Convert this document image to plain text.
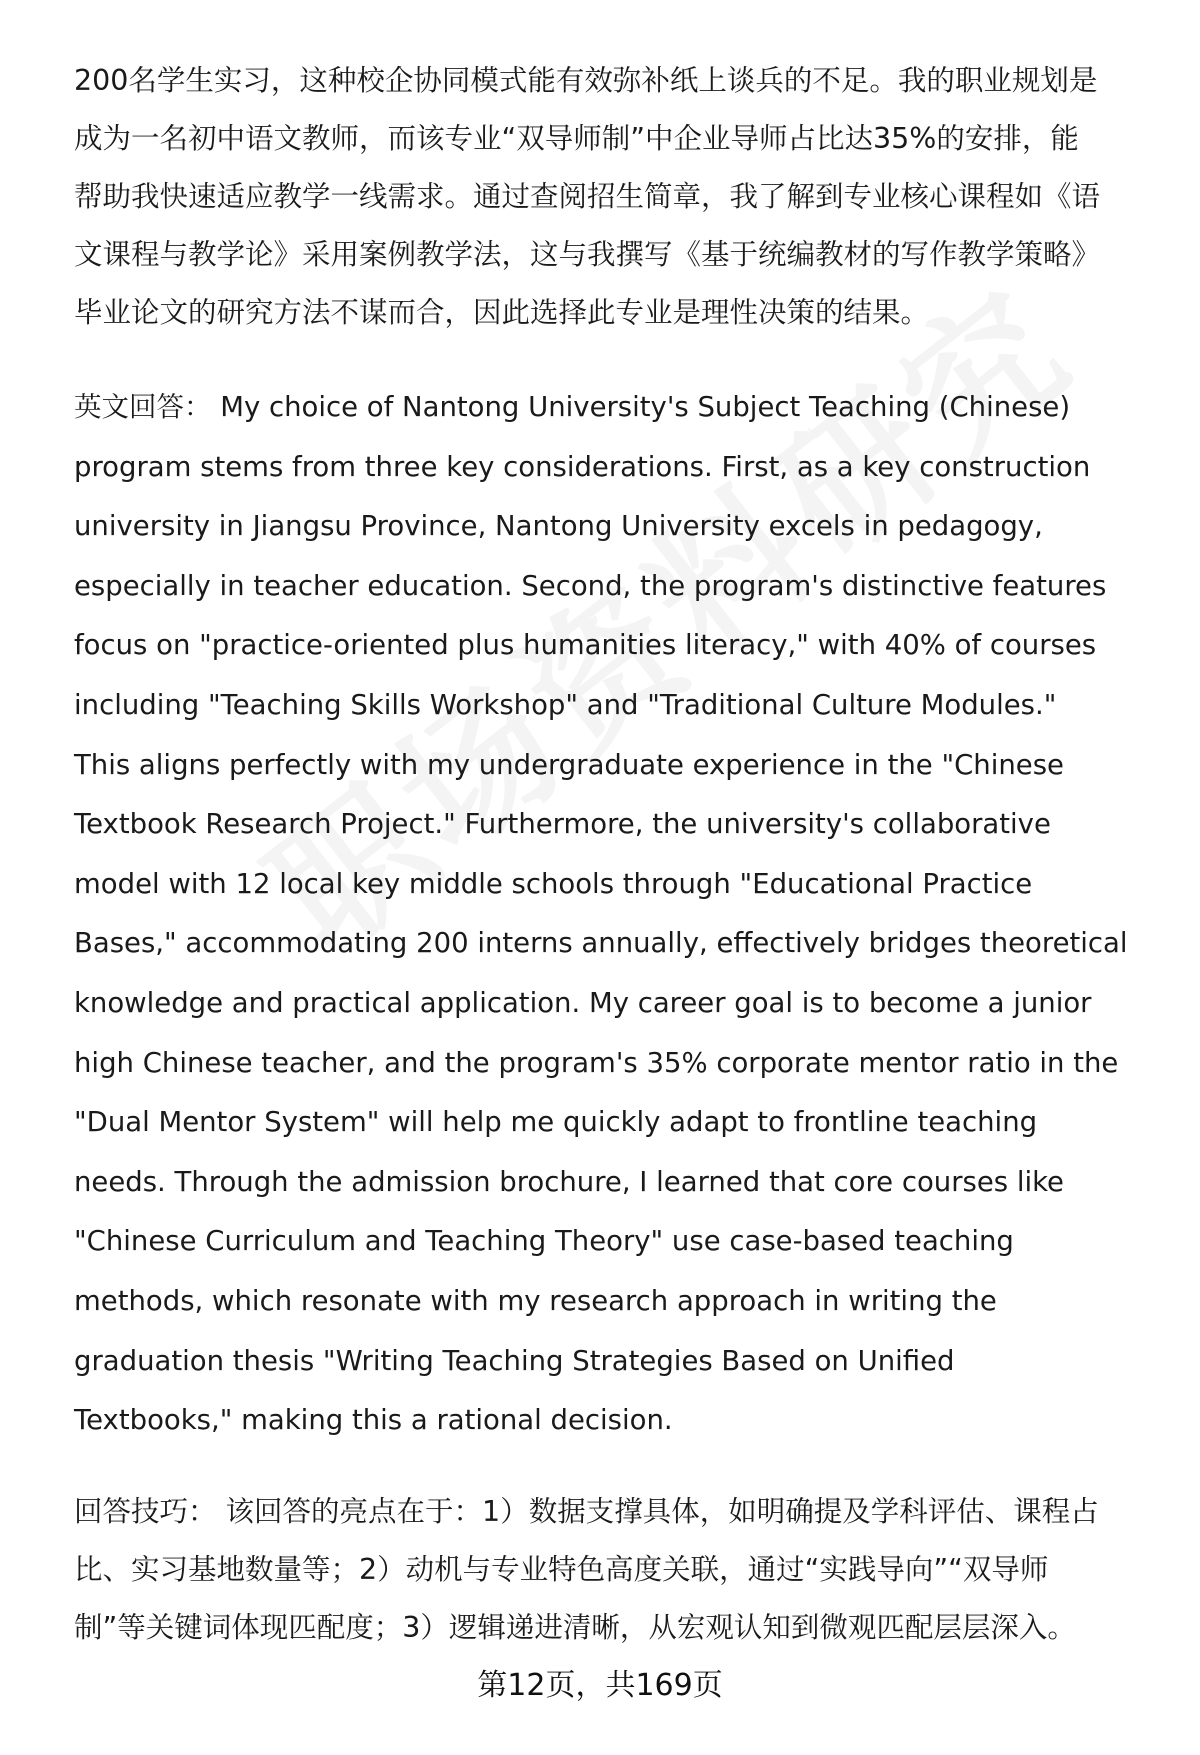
200名学生实习，这种校企协同模式能有效弥补纸上谈兵的不足。我的职业规划是
成为一名初中语文教师，而该专业“双导师制”中企业导师占比达35%的安排，能
帮助我快速适应教学一线需求。通过查阅招生简章，我了解到专业核心课程如《语
文课程与教学论》采用案例教学法，这与我撰写《基于统编教材的写作教学策略》
毕业论文的研究方法不谋而合，因此选择此专业是理性决策的结果。
英文回答： My choice of Nantong University's Subject Teaching (Chinese)
program stems from three key considerations. First, as a key construction
university in Jiangsu Province, Nantong University excels in pedagogy,
especially in teacher education. Second, the program's distinctive features
focus on "practice-oriented plus humanities literacy," with 40% of courses
including "Teaching Skills Workshop" and "Traditional Culture Modules."
This aligns perfectly with my undergraduate experience in the "Chinese
Textbook Research Project." Furthermore, the university's collaborative
model with 12 local key middle schools through "Educational Practice
Bases," accommodating 200 interns annually, effectively bridges theoretical
knowledge and practical application. My career goal is to become a junior
high Chinese teacher, and the program's 35% corporate mentor ratio in the
"Dual Mentor System" will help me quickly adapt to frontline teaching
needs. Through the admission brochure, I learned that core courses like
"Chinese Curriculum and Teaching Theory" use case-based teaching
methods, which resonate with my research approach in writing the
graduation thesis "Writing Teaching Strategies Based on Unified
Textbooks," making this a rational decision.
回答技巧： 该回答的亮点在于：1）数据支撑具体，如明确提及学科评估、课程占
比、实习基地数量等；2）动机与专业特色高度关联，通过“实践导向”“双导师
制”等关键词体现匹配度；3）逻辑递进清晰，从宏观认知到微观匹配层层深入。
第12页，共169页
